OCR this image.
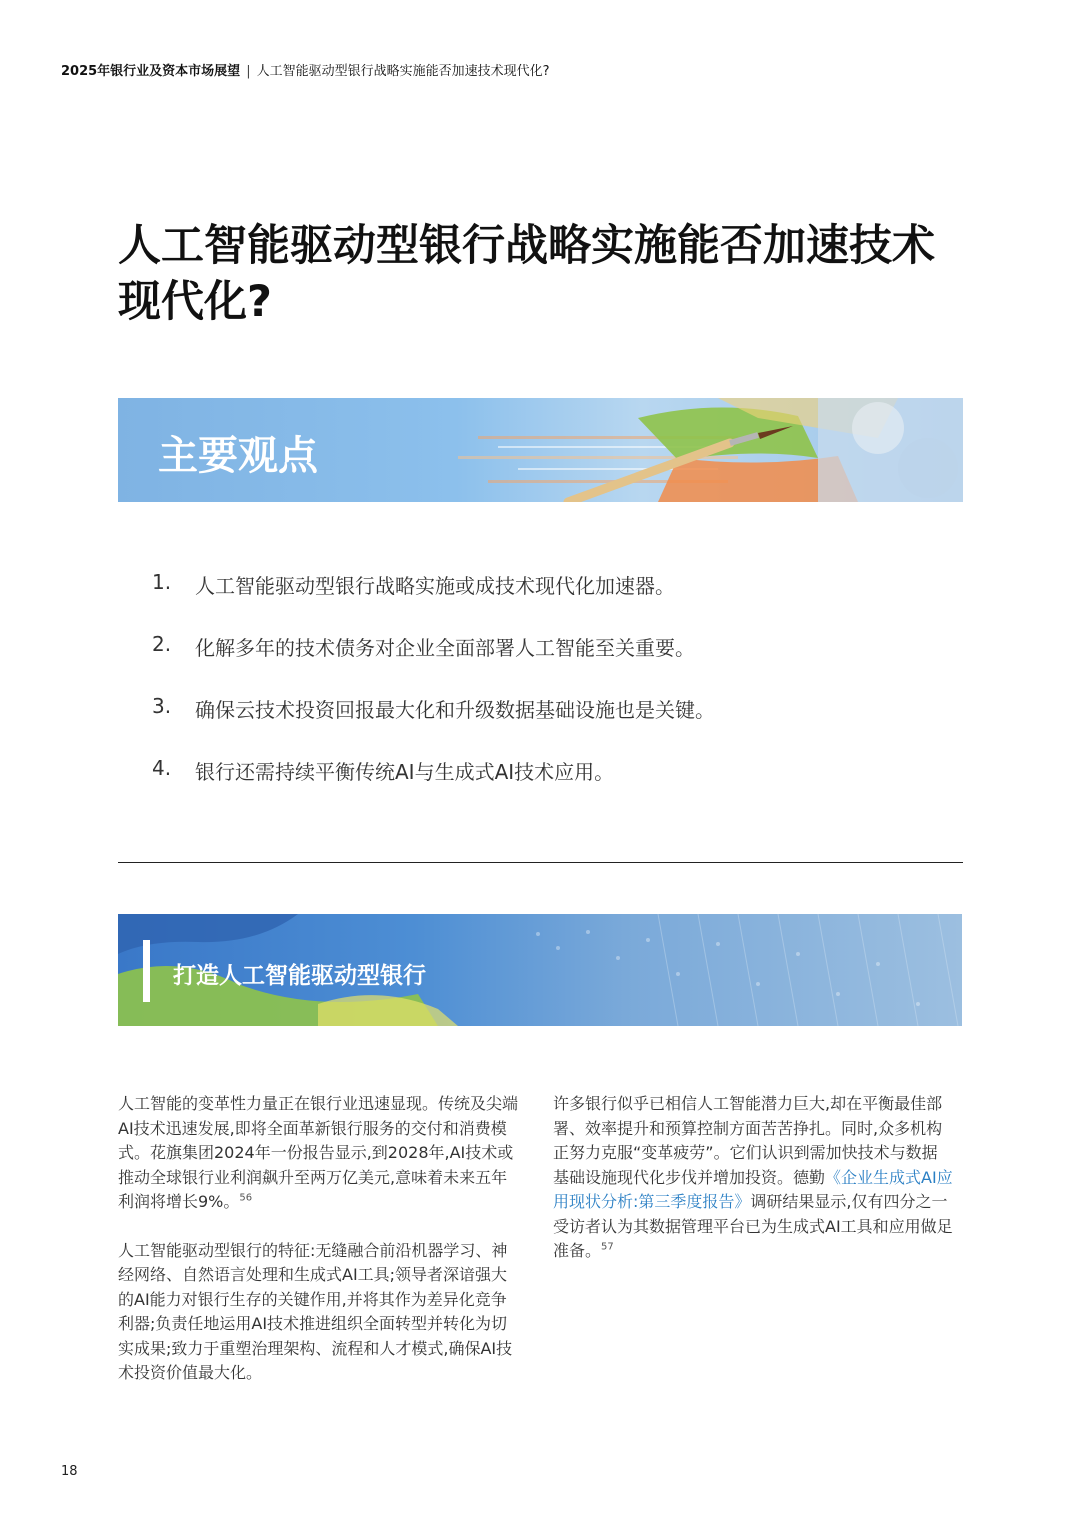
2025年银行业及资本市场展望 | 人工智能驱动型银行战略实施能否加速技术现代化?
人工智能驱动型银行战略实施能否加速技术
现代化?
主要观点
1.	人工智能驱动型银行战略实施或成技术现代化加速器。
2.	化解多年的技术债务对企业全面部署人工智能至关重要。
3.	确保云技术投资回报最大化和升级数据基础设施也是关键。
4.	银行还需持续平衡传统AI与生成式AI技术应用。
打造人工智能驱动型银行

人工智能的变革性力量正在银行业迅速显现。传统及尖端AI技术迅速发展,即将全面革新银行服务的交付和消费模式。花旗集团2024年一份报告显示,到2028年,AI技术或推动全球银行业利润飙升至两万亿美元,意味着未来五年利润将增长9%。$^{56}$

人工智能驱动型银行的特征:无缝融合前沿机器学习、神经网络、自然语言处理和生成式AI工具;领导者深谙强大的AI能力对银行生存的关键作用,并将其作为差异化竞争利器;负责任地运用AI技术推进组织全面转型并转化为切实成果;致力于重塑治理架构、流程和人才模式,确保AI技术投资价值最大化。

许多银行似乎已相信人工智能潜力巨大,却在平衡最佳部署、效率提升和预算控制方面苦苦挣扎。同时,众多机构正努力克服“变革疲劳”。它们认识到需加快技术与数据基础设施现代化步伐并增加投资。德勤《企业生成式AI应用现状分析:第三季度报告》调研结果显示,仅有四分之一受访者认为其数据管理平台已为生成式AI工具和应用做足准备。$^{57}$

18
